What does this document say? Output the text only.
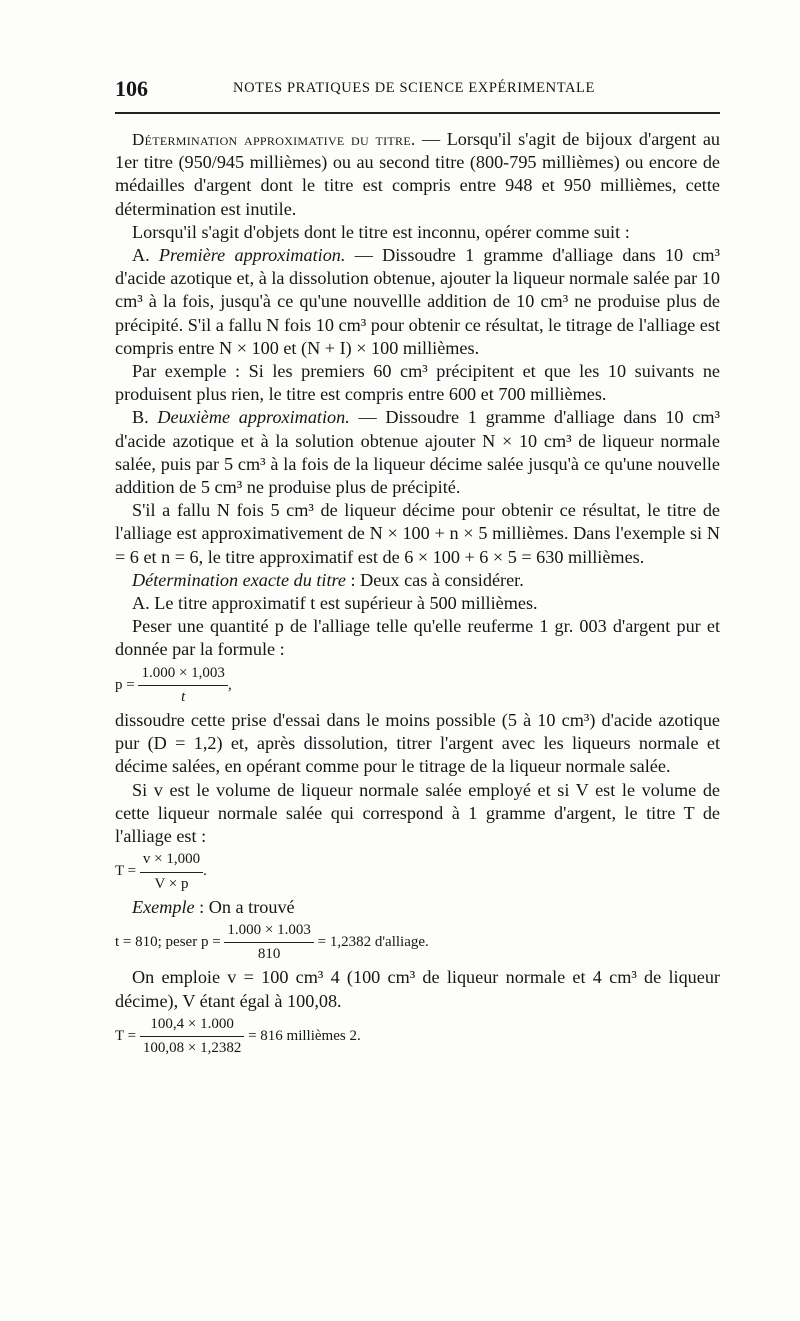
106	NOTES PRATIQUES DE SCIENCE EXPÉRIMENTALE

Détermination approximative du titre. — Lorsqu'il s'agit de bijoux d'argent au 1er titre (950/945 millièmes) ou au second titre (800-795 millièmes) ou encore de médailles d'argent dont le titre est compris entre 948 et 950 millièmes, cette détermination est inutile.

Lorsqu'il s'agit d'objets dont le titre est inconnu, opérer comme suit :

A. Première approximation. — Dissoudre 1 gramme d'alliage dans 10 cm³ d'acide azotique et, à la dissolution obtenue, ajouter la liqueur normale salée par 10 cm³ à la fois, jusqu'à ce qu'une nouvellle addition de 10 cm³ ne produise plus de précipité. S'il a fallu N fois 10 cm³ pour obtenir ce résultat, le titrage de l'alliage est compris entre N × 100 et (N + I) × 100 millièmes.

Par exemple : Si les premiers 60 cm³ précipitent et que les 10 suivants ne produisent plus rien, le titre est compris entre 600 et 700 millièmes.

B. Deuxième approximation. — Dissoudre 1 gramme d'alliage dans 10 cm³ d'acide azotique et à la solution obtenue ajouter N × 10 cm³ de liqueur normale salée, puis par 5 cm³ à la fois de la liqueur décime salée jusqu'à ce qu'une nouvelle addition de 5 cm³ ne produise plus de précipité.

S'il a fallu N fois 5 cm³ de liqueur décime pour obtenir ce résultat, le titre de l'alliage est approximativement de N × 100 + n × 5 millièmes. Dans l'exemple si N = 6 et n = 6, le titre approximatif est de 6 × 100 + 6 × 5 = 630 millièmes.

Détermination exacte du titre : Deux cas à considérer.

A. Le titre approximatif t est supérieur à 500 millièmes.

Peser une quantité p de l'alliage telle qu'elle reuferme 1 gr. 003 d'argent pur et donnée par la formule :

$p = \frac{1.000 \times 1,003}{t}$ ,

dissoudre cette prise d'essai dans le moins possible (5 à 10 cm³) d'acide azotique pur (D = 1,2) et, après dissolution, titrer l'argent avec les liqueurs normale et décime salées, en opérant comme pour le titrage de la liqueur normale salée.

Si v est le volume de liqueur normale salée employé et si V est le volume de cette liqueur normale salée qui correspond à 1 gramme d'argent, le titre T de l'alliage est :

$T = \frac{v \times 1,000}{V \times p}$ .

Exemple : On a trouvé

t = 810; peser $p = \frac{1.000 \times 1.003}{810} = 1,2382$ d'alliage.

On emploie v = 100 cm³ 4 (100 cm³ de liqueur normale et 4 cm³ de liqueur décime), V étant égal à 100,08.

$T = \frac{100,4 \times 1.000}{100,08 \times 1,2382} = 816$ millièmes 2.
